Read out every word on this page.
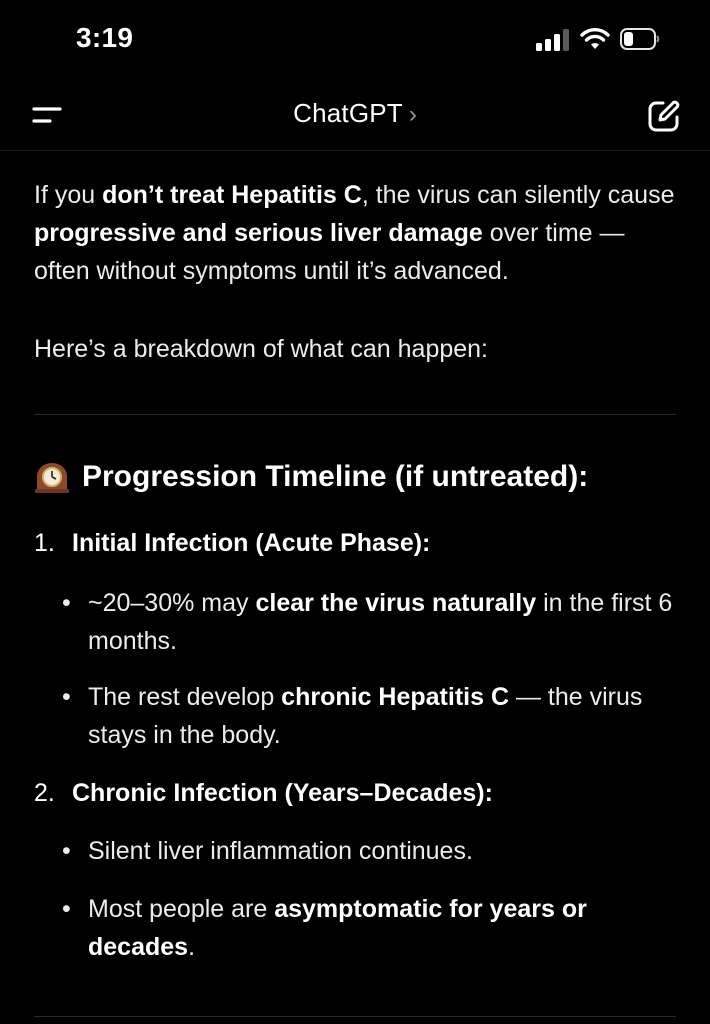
3:19
ChatGPT ›

If you don’t treat Hepatitis C, the virus can silently cause progressive and serious liver damage over time — often without symptoms until it’s advanced.

Here’s a breakdown of what can happen:

Progression Timeline (if untreated):
1. Initial Infection (Acute Phase):
• ~20–30% may clear the virus naturally in the first 6 months.
• The rest develop chronic Hepatitis C — the virus stays in the body.
2. Chronic Infection (Years–Decades):
• Silent liver inflammation continues.
• Most people are asymptomatic for years or decades.
